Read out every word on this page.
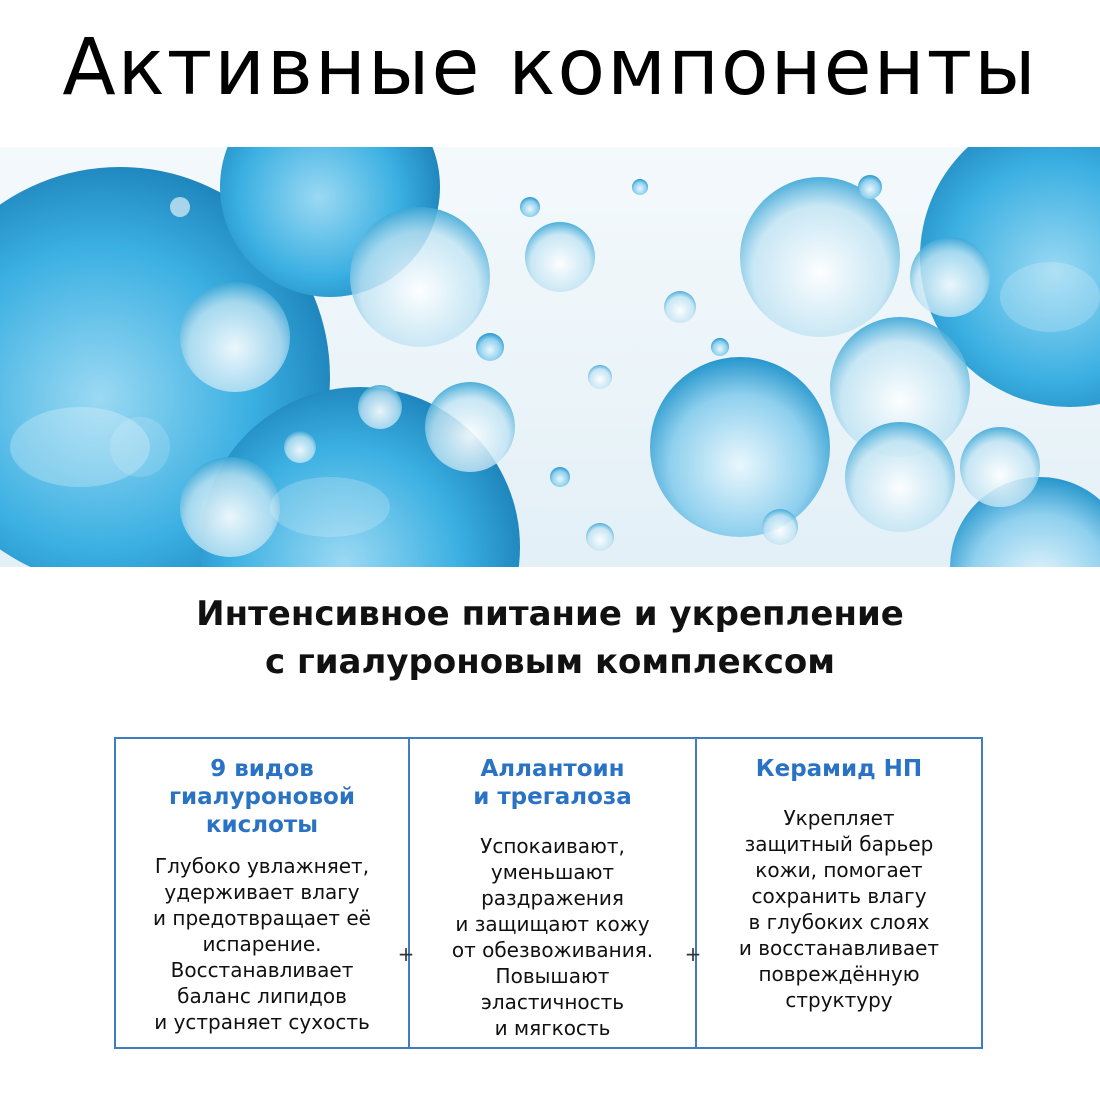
Активные компоненты
Интенсивное питание и укрепление
с гиалуроновым комплексом
9 видов
гиалуроновой
кислоты
Глубоко увлажняет,
удерживает влагу
и предотвращает её
испарение.
Восстанавливает
баланс липидов
и устраняет сухость
Аллантоин
и трегалоза
Успокаивают,
уменьшают
раздражения
и защищают кожу
от обезвоживания.
Повышают
эластичность
и мягкость
Керамид НП
Укрепляет
защитный барьер
кожи, помогает
сохранить влагу
в глубоких слоях
и восстанавливает
повреждённую
структуру
+	+
